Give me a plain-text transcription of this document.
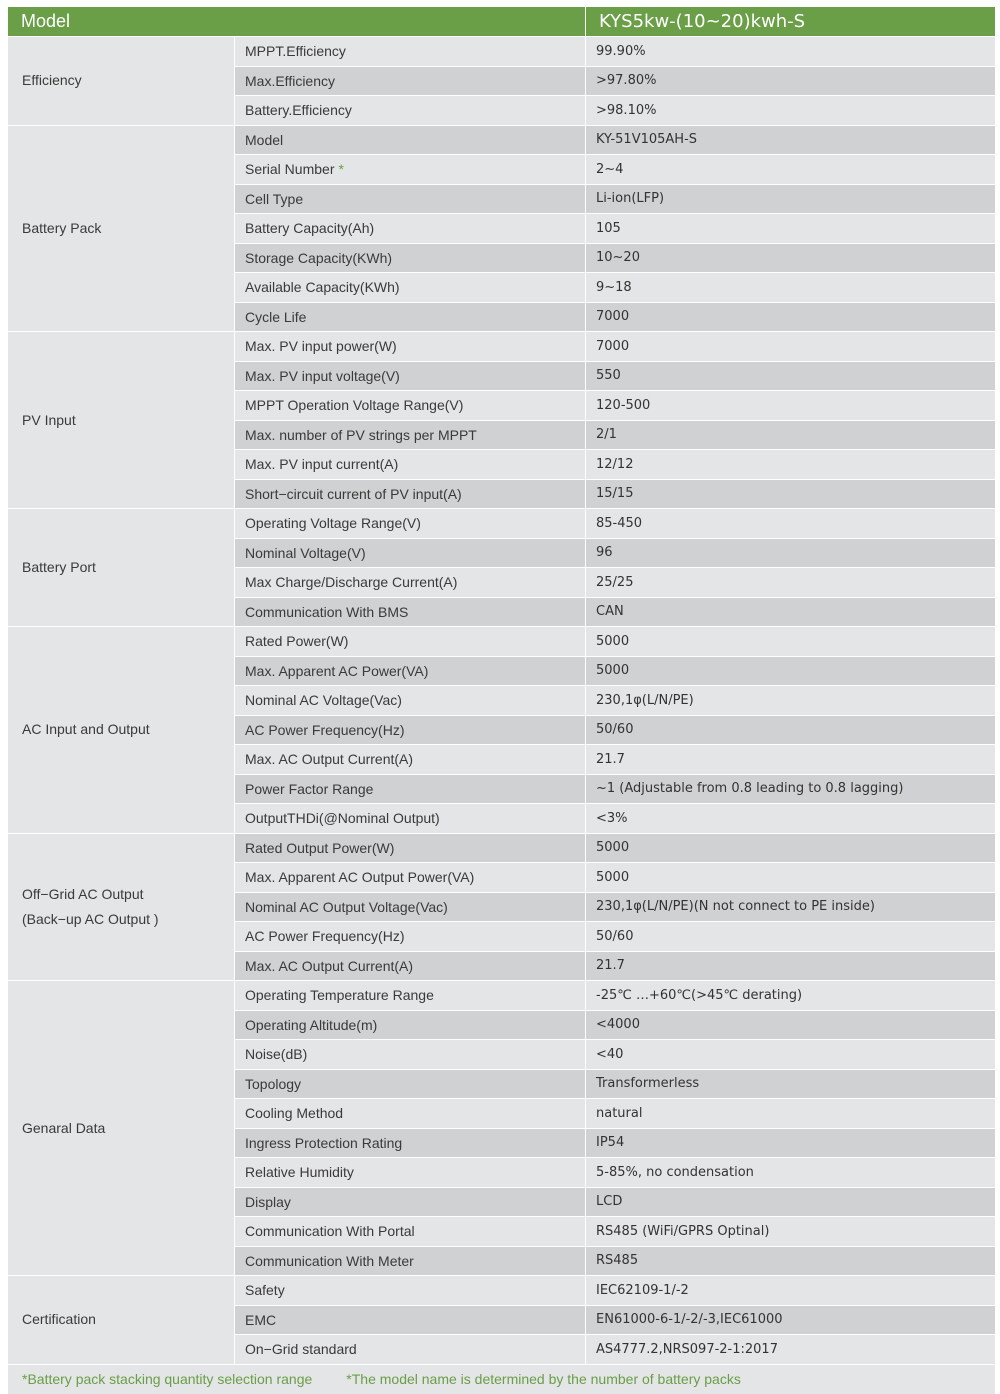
Model	KYS5kw-(10~20)kwh-S
Efficiency
MPPT.Efficiency	99.90%
Max.Efficiency	>97.80%
Battery.Efficiency	>98.10%
Battery Pack
Model	KY-51V105AH-S
Serial Number *	2~4
Cell Type	Li-ion(LFP)
Battery Capacity(Ah)	105
Storage Capacity(KWh)	10~20
Available Capacity(KWh)	9~18
Cycle Life	7000
PV Input
Max. PV input power(W)	7000
Max. PV input voltage(V)	550
MPPT Operation Voltage Range(V)	120-500
Max. number of PV strings per MPPT	2/1
Max. PV input current(A)	12/12
Short−circuit current of PV input(A)	15/15
Battery Port
Operating Voltage Range(V)	85-450
Nominal Voltage(V)	96
Max Charge/Discharge Current(A)	25/25
Communication With BMS	CAN
AC Input and Output
Rated Power(W)	5000
Max. Apparent AC Power(VA)	5000
Nominal AC Voltage(Vac)	230,1φ(L/N/PE)
AC Power Frequency(Hz)	50/60
Max. AC Output Current(A)	21.7
Power Factor Range	~1 (Adjustable from 0.8 leading to 0.8 lagging)
OutputTHDi(@Nominal Output)	<3%
Off−Grid AC Output
(Back−up AC Output )
Rated Output Power(W)	5000
Max. Apparent AC Output Power(VA)	5000
Nominal AC Output Voltage(Vac)	230,1φ(L/N/PE)(N not connect to PE inside)
AC Power Frequency(Hz)	50/60
Max. AC Output Current(A)	21.7
Genaral Data
Operating Temperature Range	-25℃ …+60℃(>45℃ derating)
Operating Altitude(m)	<4000
Noise(dB)	<40
Topology	Transformerless
Cooling Method	natural
Ingress Protection Rating	IP54
Relative Humidity	5-85%, no condensation
Display	LCD
Communication With Portal	RS485 (WiFi/GPRS Optinal)
Communication With Meter	RS485
Certification
Safety	IEC62109-1/-2
EMC	EN61000-6-1/-2/-3,IEC61000
On−Grid standard	AS4777.2,NRS097-2-1:2017
*Battery pack stacking quantity selection range *The model name is determined by the number of battery packs
